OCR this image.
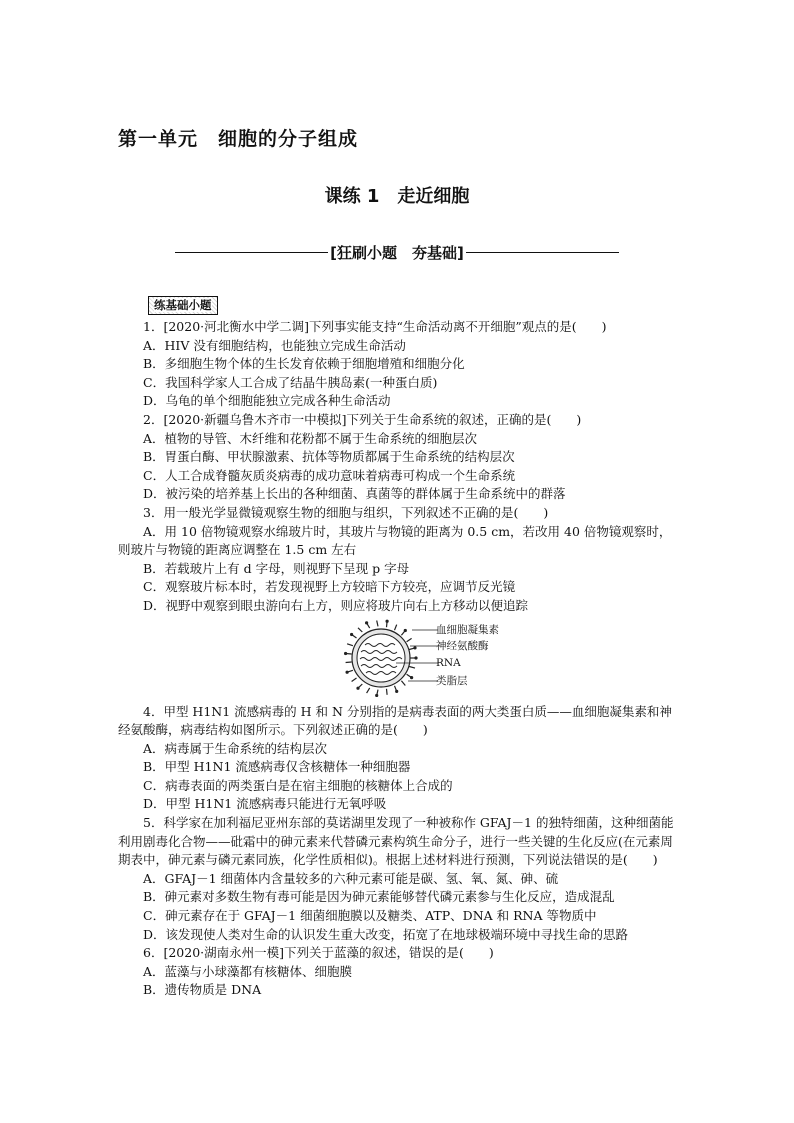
第一单元　细胞的分子组成
课练 1　走近细胞
[狂刷小题　夯基础]
练基础小题

1．[2020·河北衡水中学二调]下列事实能支持“生命活动离不开细胞”观点的是(　　)

A．HIV 没有细胞结构，也能独立完成生命活动

B．多细胞生物个体的生长发育依赖于细胞增殖和细胞分化

C．我国科学家人工合成了结晶牛胰岛素(一种蛋白质)

D．乌龟的单个细胞能独立完成各种生命活动

2．[2020·新疆乌鲁木齐市一中模拟]下列关于生命系统的叙述，正确的是(　　)

A．植物的导管、木纤维和花粉都不属于生命系统的细胞层次

B．胃蛋白酶、甲状腺激素、抗体等物质都属于生命系统的结构层次

C．人工合成脊髓灰质炎病毒的成功意味着病毒可构成一个生命系统

D．被污染的培养基上长出的各种细菌、真菌等的群体属于生命系统中的群落

3．用一般光学显微镜观察生物的细胞与组织，下列叙述不正确的是(　　)

A．用 10 倍物镜观察水绵玻片时，其玻片与物镜的距离为 0.5 cm，若改用 40 倍物镜观察时，则玻片与物镜的距离应调整在 1.5 cm 左右

B．若载玻片上有 d 字母，则视野下呈现 p 字母

C．观察玻片标本时，若发现视野上方较暗下方较亮，应调节反光镜

D．视野中观察到眼虫游向右上方，则应将玻片向右上方移动以便追踪

血细胞凝集素
神经氨酸酶
RNA
类脂层

4．甲型 H1N1 流感病毒的 H 和 N 分别指的是病毒表面的两大类蛋白质——血细胞凝集素和神经氨酸酶，病毒结构如图所示。下列叙述正确的是(　　)

A．病毒属于生命系统的结构层次

B．甲型 H1N1 流感病毒仅含核糖体一种细胞器

C．病毒表面的两类蛋白是在宿主细胞的核糖体上合成的

D．甲型 H1N1 流感病毒只能进行无氧呼吸

5．科学家在加利福尼亚州东部的莫诺湖里发现了一种被称作 GFAJ－1 的独特细菌，这种细菌能利用剧毒化合物——砒霜中的砷元素来代替磷元素构筑生命分子，进行一些关键的生化反应(在元素周期表中，砷元素与磷元素同族，化学性质相似)。根据上述材料进行预测，下列说法错误的是(　　)

A．GFAJ－1 细菌体内含量较多的六种元素可能是碳、氢、氧、氮、砷、硫

B．砷元素对多数生物有毒可能是因为砷元素能够替代磷元素参与生化反应，造成混乱

C．砷元素存在于 GFAJ－1 细菌细胞膜以及糖类、ATP、DNA 和 RNA 等物质中

D．该发现使人类对生命的认识发生重大改变，拓宽了在地球极端环境中寻找生命的思路

6．[2020·湖南永州一模]下列关于蓝藻的叙述，错误的是(　　)

A．蓝藻与小球藻都有核糖体、细胞膜

B．遗传物质是 DNA
